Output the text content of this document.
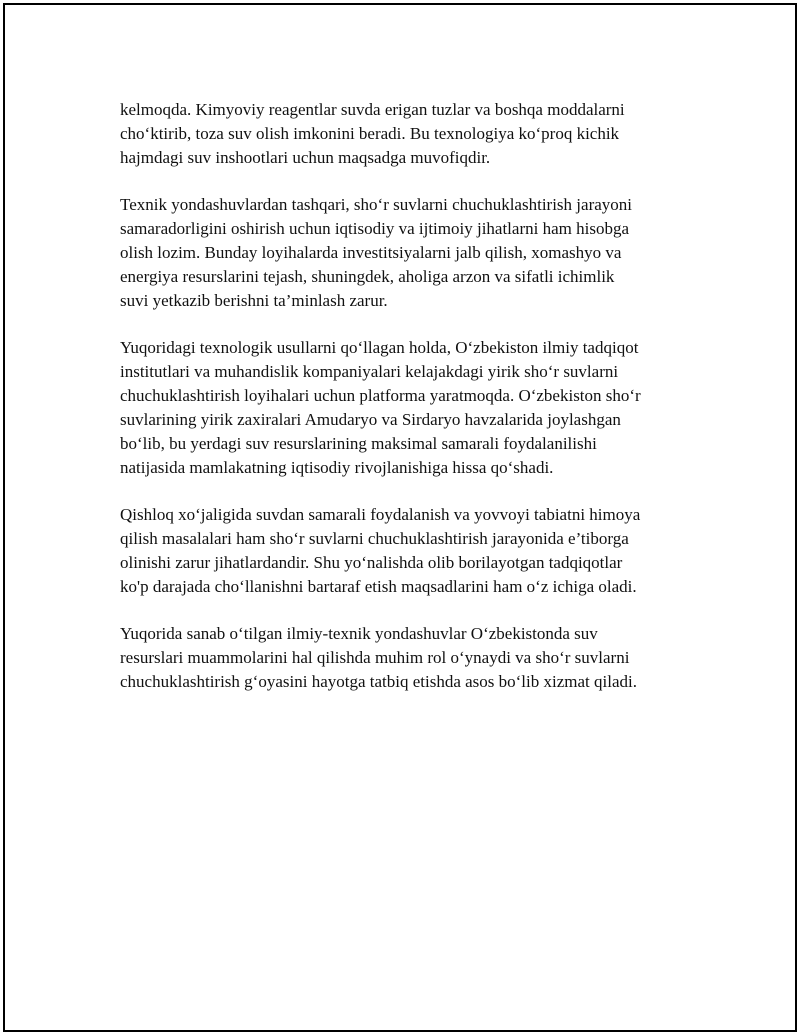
kelmoqda. Kimyoviy reagentlar suvda erigan tuzlar va boshqa moddalarni
cho‘ktirib, toza suv olish imkonini beradi. Bu texnologiya ko‘proq kichik
hajmdagi suv inshootlari uchun maqsadga muvofiqdir.

Texnik yondashuvlardan tashqari, sho‘r suvlarni chuchuklashtirish jarayoni
samaradorligini oshirish uchun iqtisodiy va ijtimoiy jihatlarni ham hisobga
olish lozim. Bunday loyihalarda investitsiyalarni jalb qilish, xomashyo va
energiya resurslarini tejash, shuningdek, aholiga arzon va sifatli ichimlik
suvi yetkazib berishni ta’minlash zarur.

Yuqoridagi texnologik usullarni qo‘llagan holda, O‘zbekiston ilmiy tadqiqot
institutlari va muhandislik kompaniyalari kelajakdagi yirik sho‘r suvlarni
chuchuklashtirish loyihalari uchun platforma yaratmoqda. O‘zbekiston sho‘r
suvlarining yirik zaxiralari Amudaryo va Sirdaryo havzalarida joylashgan
bo‘lib, bu yerdagi suv resurslarining maksimal samarali foydalanilishi
natijasida mamlakatning iqtisodiy rivojlanishiga hissa qo‘shadi.

Qishloq xo‘jaligida suvdan samarali foydalanish va yovvoyi tabiatni himoya
qilish masalalari ham sho‘r suvlarni chuchuklashtirish jarayonida e’tiborga
olinishi zarur jihatlardandir. Shu yo‘nalishda olib borilayotgan tadqiqotlar
ko'p darajada cho‘llanishni bartaraf etish maqsadlarini ham o‘z ichiga oladi.

Yuqorida sanab o‘tilgan ilmiy-texnik yondashuvlar O‘zbekistonda suv
resurslari muammolarini hal qilishda muhim rol o‘ynaydi va sho‘r suvlarni
chuchuklashtirish g‘oyasini hayotga tatbiq etishda asos bo‘lib xizmat qiladi.
